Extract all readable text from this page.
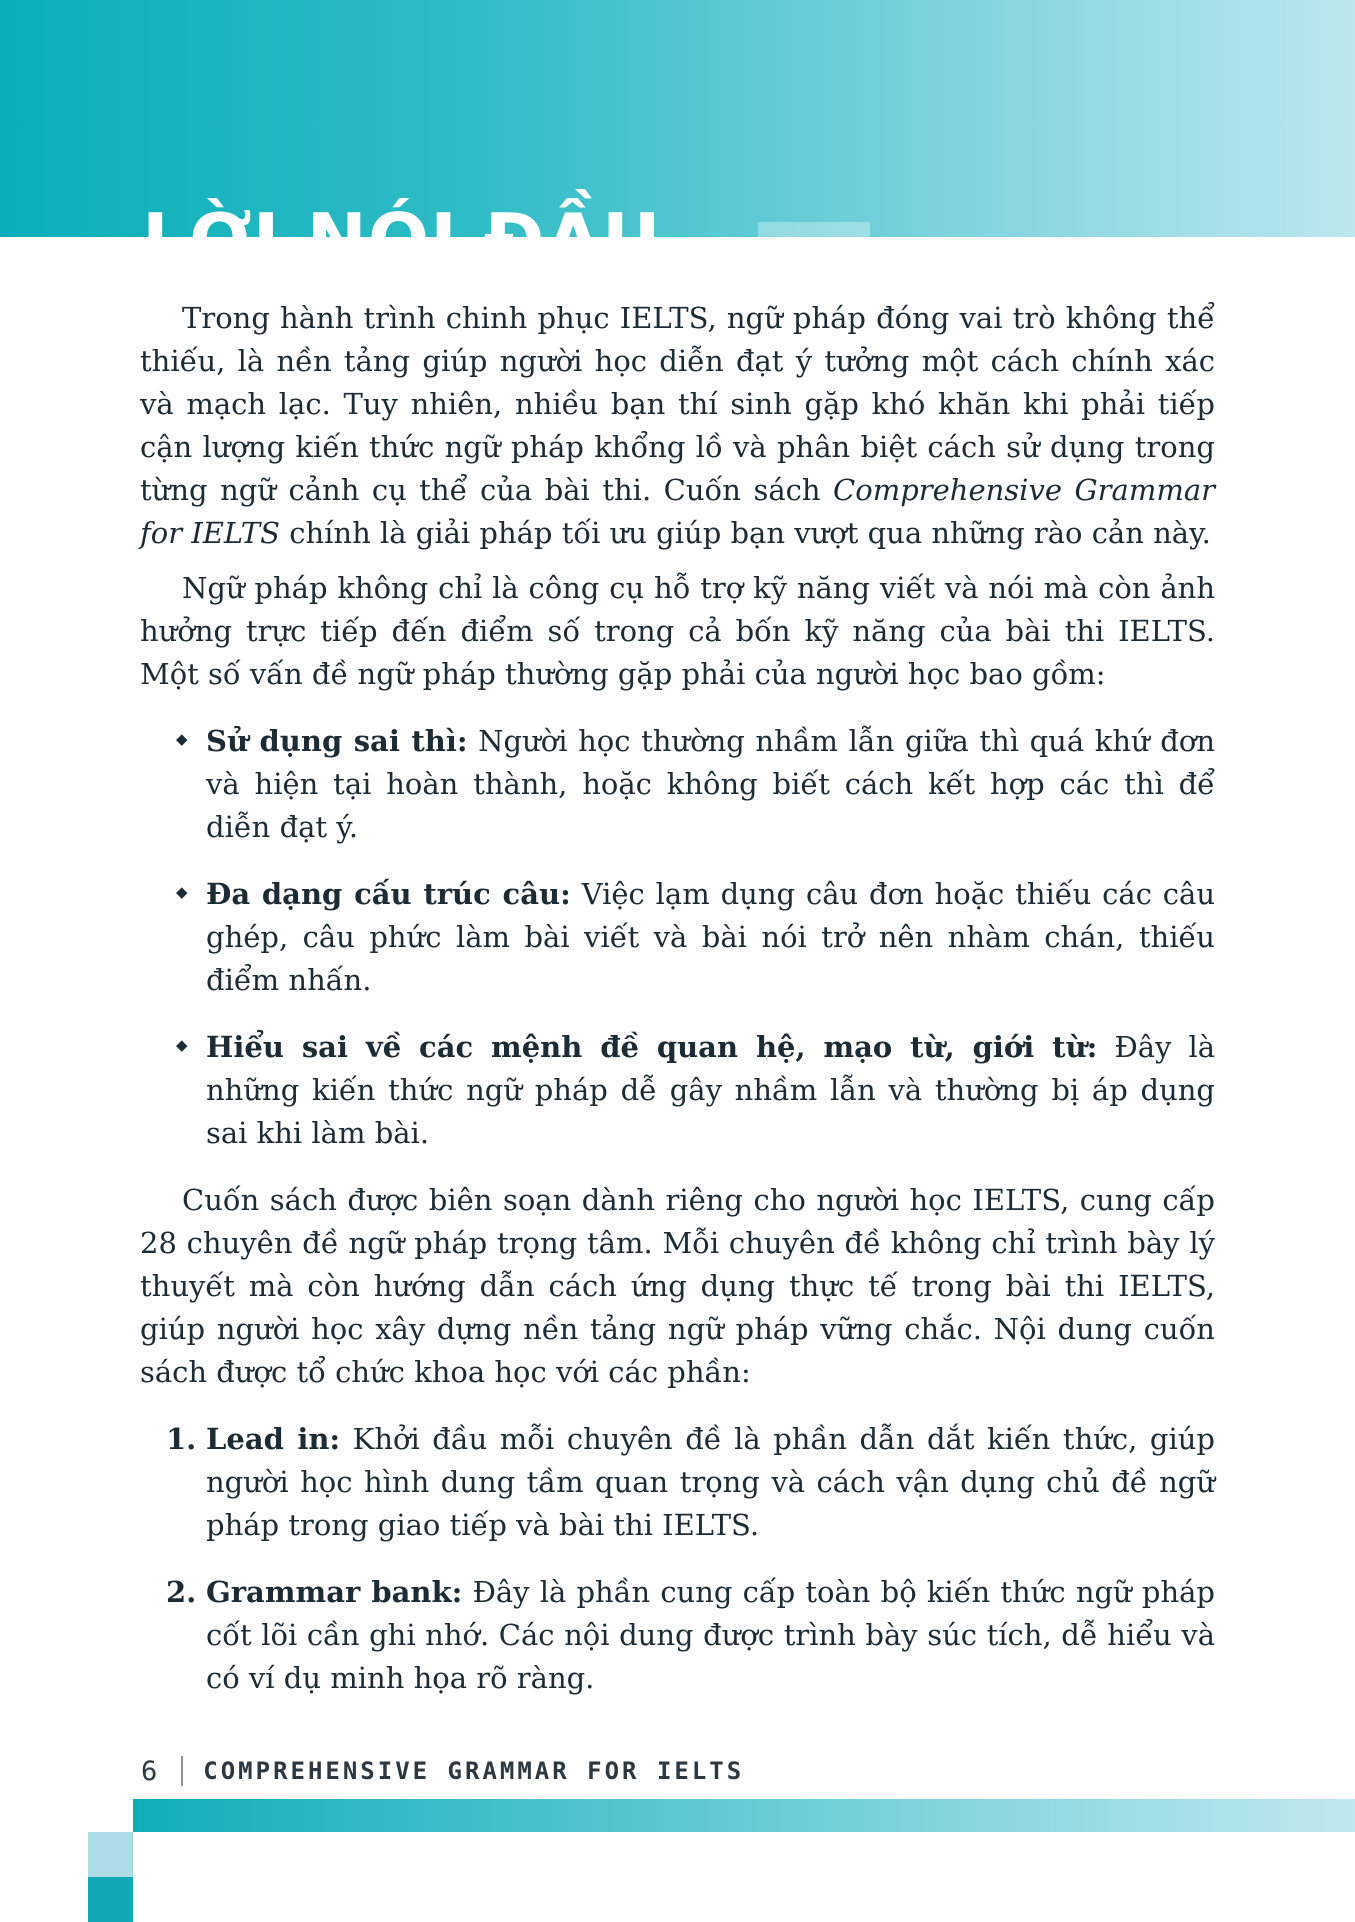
LỜI NÓI ĐẦU

Trong hành trình chinh phục IELTS, ngữ pháp đóng vai trò không thể thiếu, là nền tảng giúp người học diễn đạt ý tưởng một cách chính xác và mạch lạc. Tuy nhiên, nhiều bạn thí sinh gặp khó khăn khi phải tiếp cận lượng kiến thức ngữ pháp khổng lồ và phân biệt cách sử dụng trong từng ngữ cảnh cụ thể của bài thi. Cuốn sách Comprehensive Grammar for IELTS chính là giải pháp tối ưu giúp bạn vượt qua những rào cản này.

Ngữ pháp không chỉ là công cụ hỗ trợ kỹ năng viết và nói mà còn ảnh hưởng trực tiếp đến điểm số trong cả bốn kỹ năng của bài thi IELTS. Một số vấn đề ngữ pháp thường gặp phải của người học bao gồm:

◆ Sử dụng sai thì: Người học thường nhầm lẫn giữa thì quá khứ đơn và hiện tại hoàn thành, hoặc không biết cách kết hợp các thì để diễn đạt ý.
◆ Đa dạng cấu trúc câu: Việc lạm dụng câu đơn hoặc thiếu các câu ghép, câu phức làm bài viết và bài nói trở nên nhàm chán, thiếu điểm nhấn.
◆ Hiểu sai về các mệnh đề quan hệ, mạo từ, giới từ: Đây là những kiến thức ngữ pháp dễ gây nhầm lẫn và thường bị áp dụng sai khi làm bài.

Cuốn sách được biên soạn dành riêng cho người học IELTS, cung cấp 28 chuyên đề ngữ pháp trọng tâm. Mỗi chuyên đề không chỉ trình bày lý thuyết mà còn hướng dẫn cách ứng dụng thực tế trong bài thi IELTS, giúp người học xây dựng nền tảng ngữ pháp vững chắc. Nội dung cuốn sách được tổ chức khoa học với các phần:

1. Lead in: Khởi đầu mỗi chuyên đề là phần dẫn dắt kiến thức, giúp người học hình dung tầm quan trọng và cách vận dụng chủ đề ngữ pháp trong giao tiếp và bài thi IELTS.
2. Grammar bank: Đây là phần cung cấp toàn bộ kiến thức ngữ pháp cốt lõi cần ghi nhớ. Các nội dung được trình bày súc tích, dễ hiểu và có ví dụ minh họa rõ ràng.
6 COMPREHENSIVE GRAMMAR FOR IELTS
